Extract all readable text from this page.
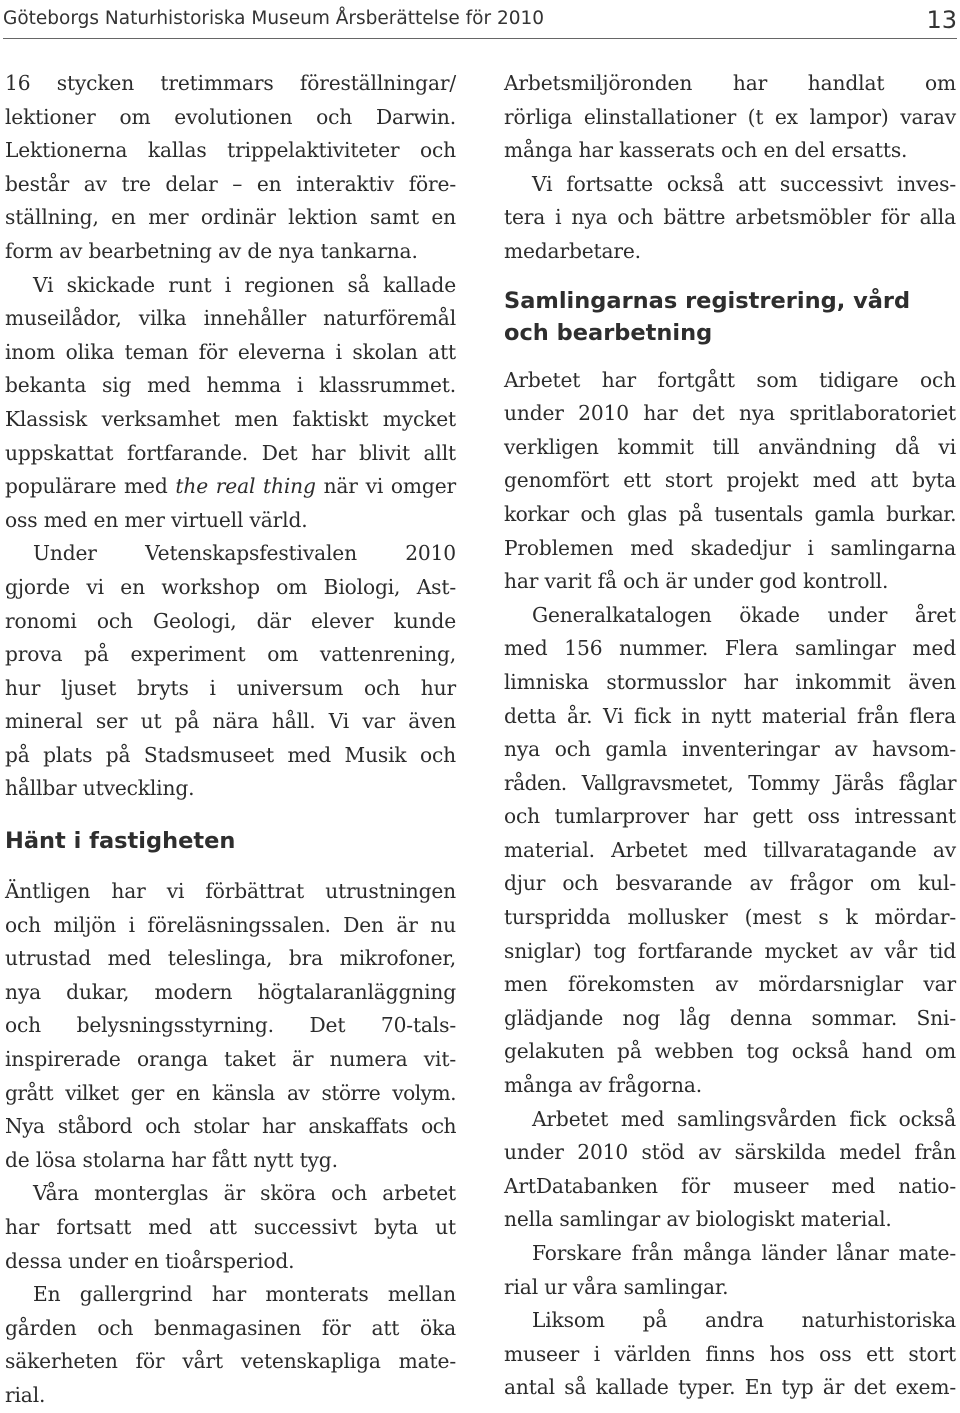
Göteborgs Naturhistoriska Museum Årsberättelse för 2010	13
16 stycken tretimmars föreställningar/
lektioner om evolutionen och Darwin.
Lektionerna kallas trippelaktiviteter och
består av tre delar – en interaktiv före-
ställning, en mer ordinär lektion samt en
form av bearbetning av de nya tankarna.
Vi skickade runt i regionen så kallade
museilådor, vilka innehåller naturföremål
inom olika teman för eleverna i skolan att
bekanta sig med hemma i klassrummet.
Klassisk verksamhet men faktiskt mycket
uppskattat fortfarande. Det har blivit allt
populärare med the real thing när vi omger
oss med en mer virtuell värld.
Under Vetenskapsfestivalen 2010
gjorde vi en workshop om Biologi, Ast-
ronomi och Geologi, där elever kunde
prova på experiment om vattenrening,
hur ljuset bryts i universum och hur
mineral ser ut på nära håll. Vi var även
på plats på Stadsmuseet med Musik och
hållbar utveckling.
Hänt i fastigheten
Äntligen har vi förbättrat utrustningen
och miljön i föreläsningssalen. Den är nu
utrustad med teleslinga, bra mikrofoner,
nya dukar, modern högtalaranläggning
och belysningsstyrning. Det 70-tals-
inspirerade oranga taket är numera vit-
grått vilket ger en känsla av större volym.
Nya ståbord och stolar har anskaffats och
de lösa stolarna har fått nytt tyg.
Våra monterglas är sköra och arbetet
har fortsatt med att successivt byta ut
dessa under en tioårsperiod.
En gallergrind har monterats mellan
gården och benmagasinen för att öka
säkerheten för vårt vetenskapliga mate-
rial.
Arbetsmiljöronden har handlat om
rörliga elinstallationer (t ex lampor) varav
många har kasserats och en del ersatts.
Vi fortsatte också att successivt inves-
tera i nya och bättre arbetsmöbler för alla
medarbetare.
Samlingarnas registrering, vård
och bearbetning
Arbetet har fortgått som tidigare och
under 2010 har det nya spritlaboratoriet
verkligen kommit till användning då vi
genomfört ett stort projekt med att byta
korkar och glas på tusentals gamla burkar.
Problemen med skadedjur i samlingarna
har varit få och är under god kontroll.
Generalkatalogen ökade under året
med 156 nummer. Flera samlingar med
limniska stormusslor har inkommit även
detta år. Vi fick in nytt material från flera
nya och gamla inventeringar av havsom-
råden. Vallgravsmetet, Tommy Järås fåglar
och tumlarprover har gett oss intressant
material. Arbetet med tillvaratagande av
djur och besvarande av frågor om kul-
turspridda mollusker (mest s k mördar-
sniglar) tog fortfarande mycket av vår tid
men förekomsten av mördarsniglar var
glädjande nog låg denna sommar. Sni-
gelakuten på webben tog också hand om
många av frågorna.
Arbetet med samlingsvården fick också
under 2010 stöd av särskilda medel från
ArtDatabanken för museer med natio-
nella samlingar av biologiskt material.
Forskare från många länder lånar mate-
rial ur våra samlingar.
Liksom på andra naturhistoriska
museer i världen finns hos oss ett stort
antal så kallade typer. En typ är det exem-
